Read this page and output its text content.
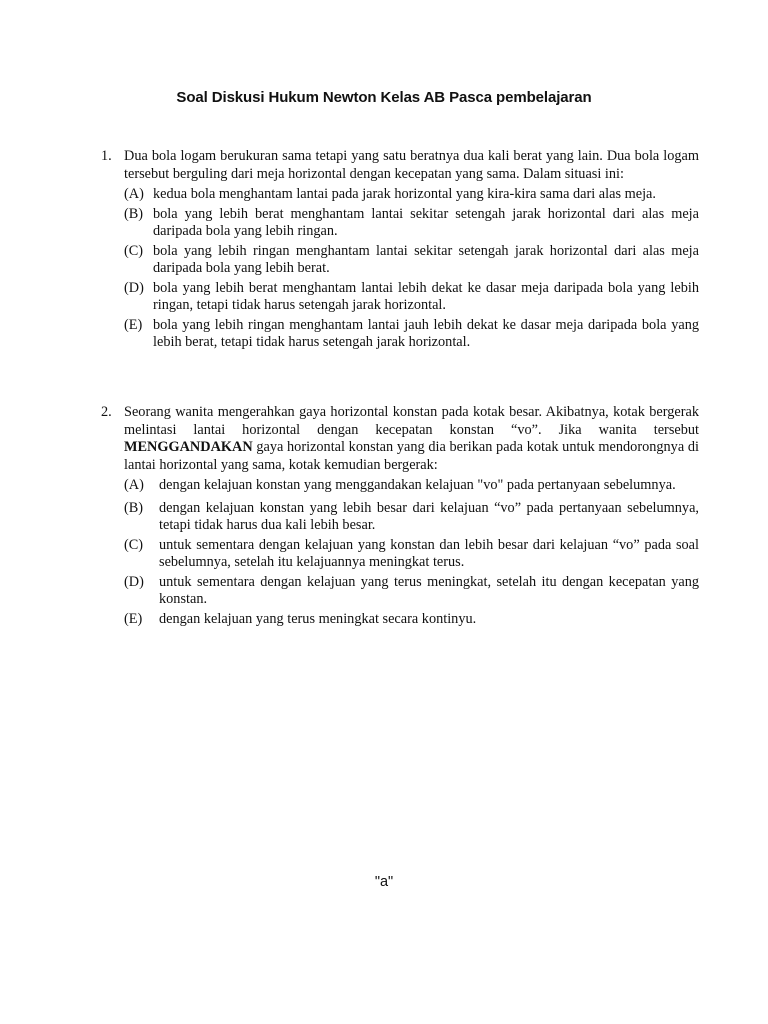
Soal Diskusi Hukum Newton Kelas AB Pasca pembelajaran
1. Dua bola logam berukuran sama tetapi yang satu beratnya dua kali berat yang lain. Dua bola logam tersebut berguling dari meja horizontal dengan kecepatan yang sama. Dalam situasi ini:

(A) kedua bola menghantam lantai pada jarak horizontal yang kira-kira sama dari alas meja.
(B) bola yang lebih berat menghantam lantai sekitar setengah jarak horizontal dari alas meja daripada bola yang lebih ringan.
(C) bola yang lebih ringan menghantam lantai sekitar setengah jarak horizontal dari alas meja daripada bola yang lebih berat.
(D) bola yang lebih berat menghantam lantai lebih dekat ke dasar meja daripada bola yang lebih ringan, tetapi tidak harus setengah jarak horizontal.
(E) bola yang lebih ringan menghantam lantai jauh lebih dekat ke dasar meja daripada bola yang lebih berat, tetapi tidak harus setengah jarak horizontal.
2. Seorang wanita mengerahkan gaya horizontal konstan pada kotak besar. Akibatnya, kotak bergerak melintasi lantai horizontal dengan kecepatan konstan “vo”. Jika wanita tersebut MENGGANDAKAN gaya horizontal konstan yang dia berikan pada kotak untuk mendorongnya di lantai horizontal yang sama, kotak kemudian bergerak:

(A) dengan kelajuan konstan yang menggandakan kelajuan "vo" pada pertanyaan sebelumnya.
(B) dengan kelajuan konstan yang lebih besar dari kelajuan “vo” pada pertanyaan sebelumnya, tetapi tidak harus dua kali lebih besar.
(C) untuk sementara dengan kelajuan yang konstan dan lebih besar dari kelajuan “vo” pada soal sebelumnya, setelah itu kelajuannya meningkat terus.
(D) untuk sementara dengan kelajuan yang terus meningkat, setelah itu dengan kecepatan yang konstan.
(E) dengan kelajuan yang terus meningkat secara kontinyu.
"a"
